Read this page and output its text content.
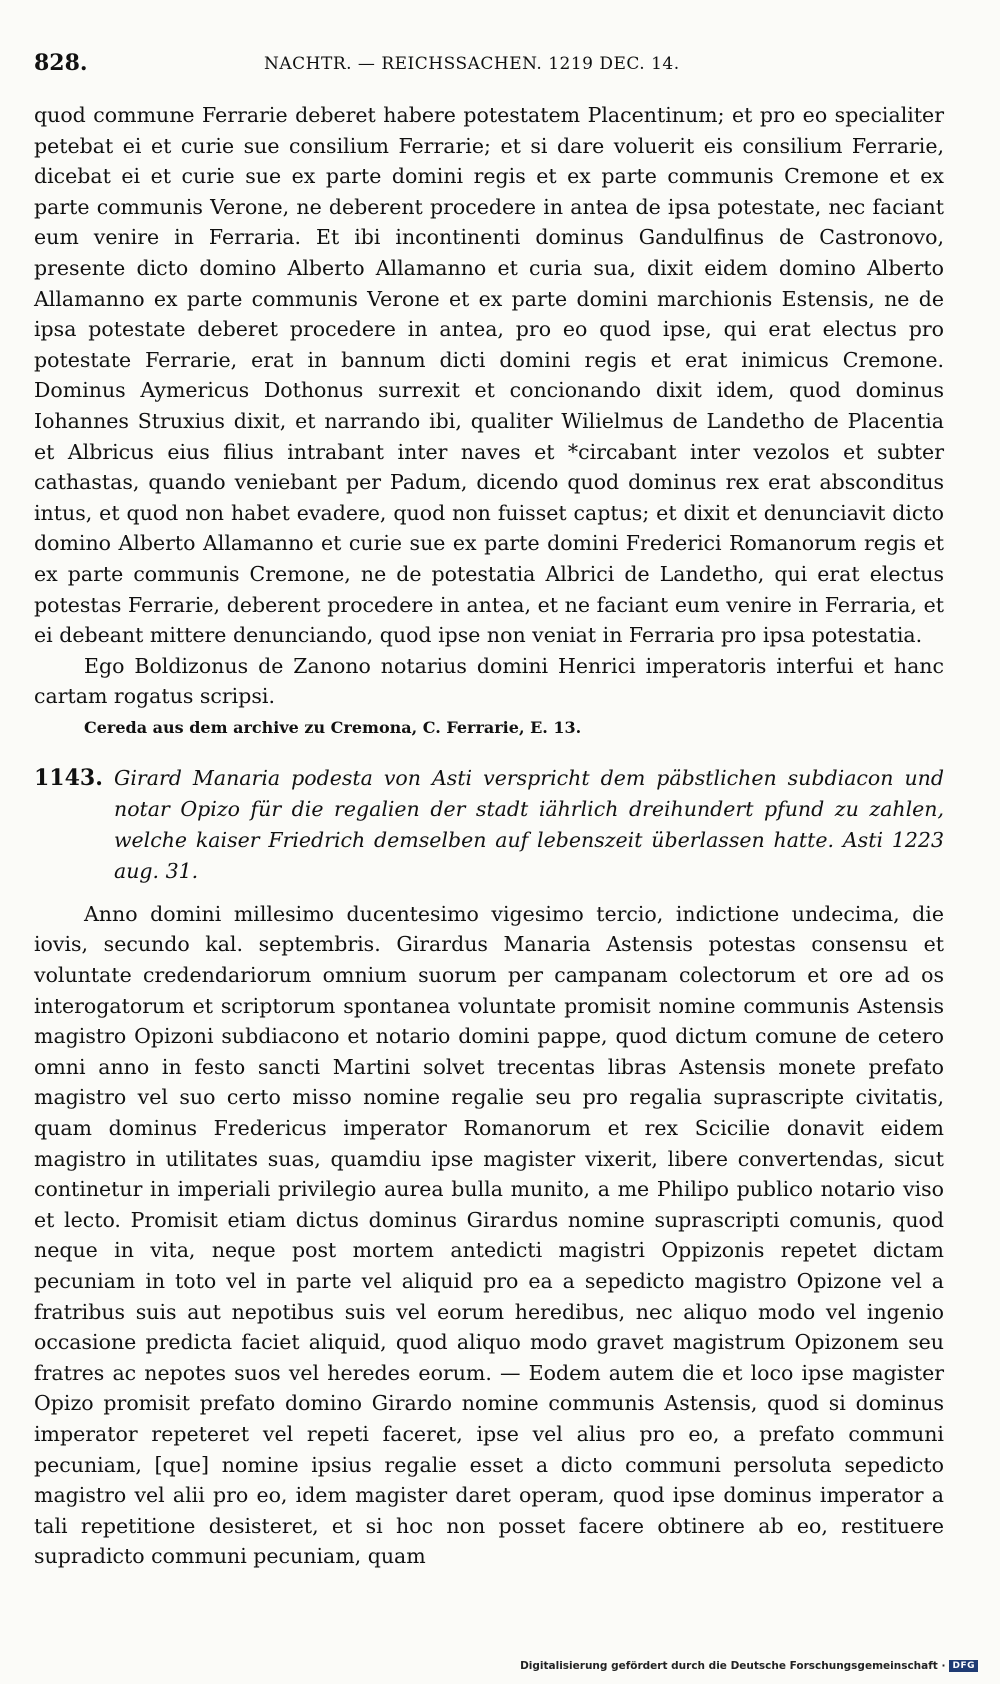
828.	NACHTR. — REICHSSACHEN. 1219 DEC. 14.

quod commune Ferrarie deberet habere potestatem Placentinum; et pro eo specialiter petebat ei et curie sue consilium Ferrarie; et si dare voluerit eis consilium Ferrarie, dicebat ei et curie sue ex parte domini regis et ex parte communis Cremone et ex parte communis Verone, ne deberent procedere in antea de ipsa potestate, nec faciant eum venire in Ferraria. Et ibi incontinenti dominus Gandulfinus de Castronovo, presente dicto domino Alberto Allamanno et curia sua, dixit eidem domino Alberto Allamanno ex parte communis Verone et ex parte domini marchionis Estensis, ne de ipsa potestate deberet procedere in antea, pro eo quod ipse, qui erat electus pro potestate Ferrarie, erat in bannum dicti domini regis et erat inimicus Cremone. Dominus Aymericus Dothonus surrexit et concionando dixit idem, quod dominus Iohannes Struxius dixit, et narrando ibi, qualiter Wilielmus de Landetho de Placentia et Albricus eius filius intrabant inter naves et *circabant inter vezolos et subter cathastas, quando veniebant per Padum, dicendo quod dominus rex erat absconditus intus, et quod non habet evadere, quod non fuisset captus; et dixit et denunciavit dicto domino Alberto Allamanno et curie sue ex parte domini Frederici Romanorum regis et ex parte communis Cremone, ne de potestatia Albrici de Landetho, qui erat electus potestas Ferrarie, deberent procedere in antea, et ne faciant eum venire in Ferraria, et ei debeant mittere denunciando, quod ipse non veniat in Ferraria pro ipsa potestatia.

Ego Boldizonus de Zanono notarius domini Henrici imperatoris interfui et hanc cartam rogatus scripsi.

Cereda aus dem archive zu Cremona, C. Ferrarie, E. 13.

1143. Girard Manaria podesta von Asti verspricht dem päbstlichen subdiacon und notar Opizo für die regalien der stadt iährlich dreihundert pfund zu zahlen, welche kaiser Friedrich demselben auf lebenszeit überlassen hatte. Asti 1223 aug. 31.

Anno domini millesimo ducentesimo vigesimo tercio, indictione undecima, die iovis, secundo kal. septembris. Girardus Manaria Astensis potestas consensu et voluntate credendariorum omnium suorum per campanam colectorum et ore ad os interogatorum et scriptorum spontanea voluntate promisit nomine communis Astensis magistro Opizoni subdiacono et notario domini pappe, quod dictum comune de cetero omni anno in festo sancti Martini solvet trecentas libras Astensis monete prefato magistro vel suo certo misso nomine regalie seu pro regalia suprascripte civitatis, quam dominus Fredericus imperator Romanorum et rex Scicilie donavit eidem magistro in utilitates suas, quamdiu ipse magister vixerit, libere convertendas, sicut continetur in imperiali privilegio aurea bulla munito, a me Philipo publico notario viso et lecto. Promisit etiam dictus dominus Girardus nomine suprascripti comunis, quod neque in vita, neque post mortem antedicti magistri Oppizonis repetet dictam pecuniam in toto vel in parte vel aliquid pro ea a sepedicto magistro Opizone vel a fratribus suis aut nepotibus suis vel eorum heredibus, nec aliquo modo vel ingenio occasione predicta faciet aliquid, quod aliquo modo gravet magistrum Opizonem seu fratres ac nepotes suos vel heredes eorum. — Eodem autem die et loco ipse magister Opizo promisit prefato domino Girardo nomine communis Astensis, quod si dominus imperator repeteret vel repeti faceret, ipse vel alius pro eo, a prefato communi pecuniam, [que] nomine ipsius regalie esset a dicto communi persoluta sepedicto magistro vel alii pro eo, idem magister daret operam, quod ipse dominus imperator a tali repetitione desisteret, et si hoc non posset facere obtinere ab eo, restituere supradicto communi pecuniam, quam

Digitalisierung gefördert durch die Deutsche Forschungsgemeinschaft · DFG
